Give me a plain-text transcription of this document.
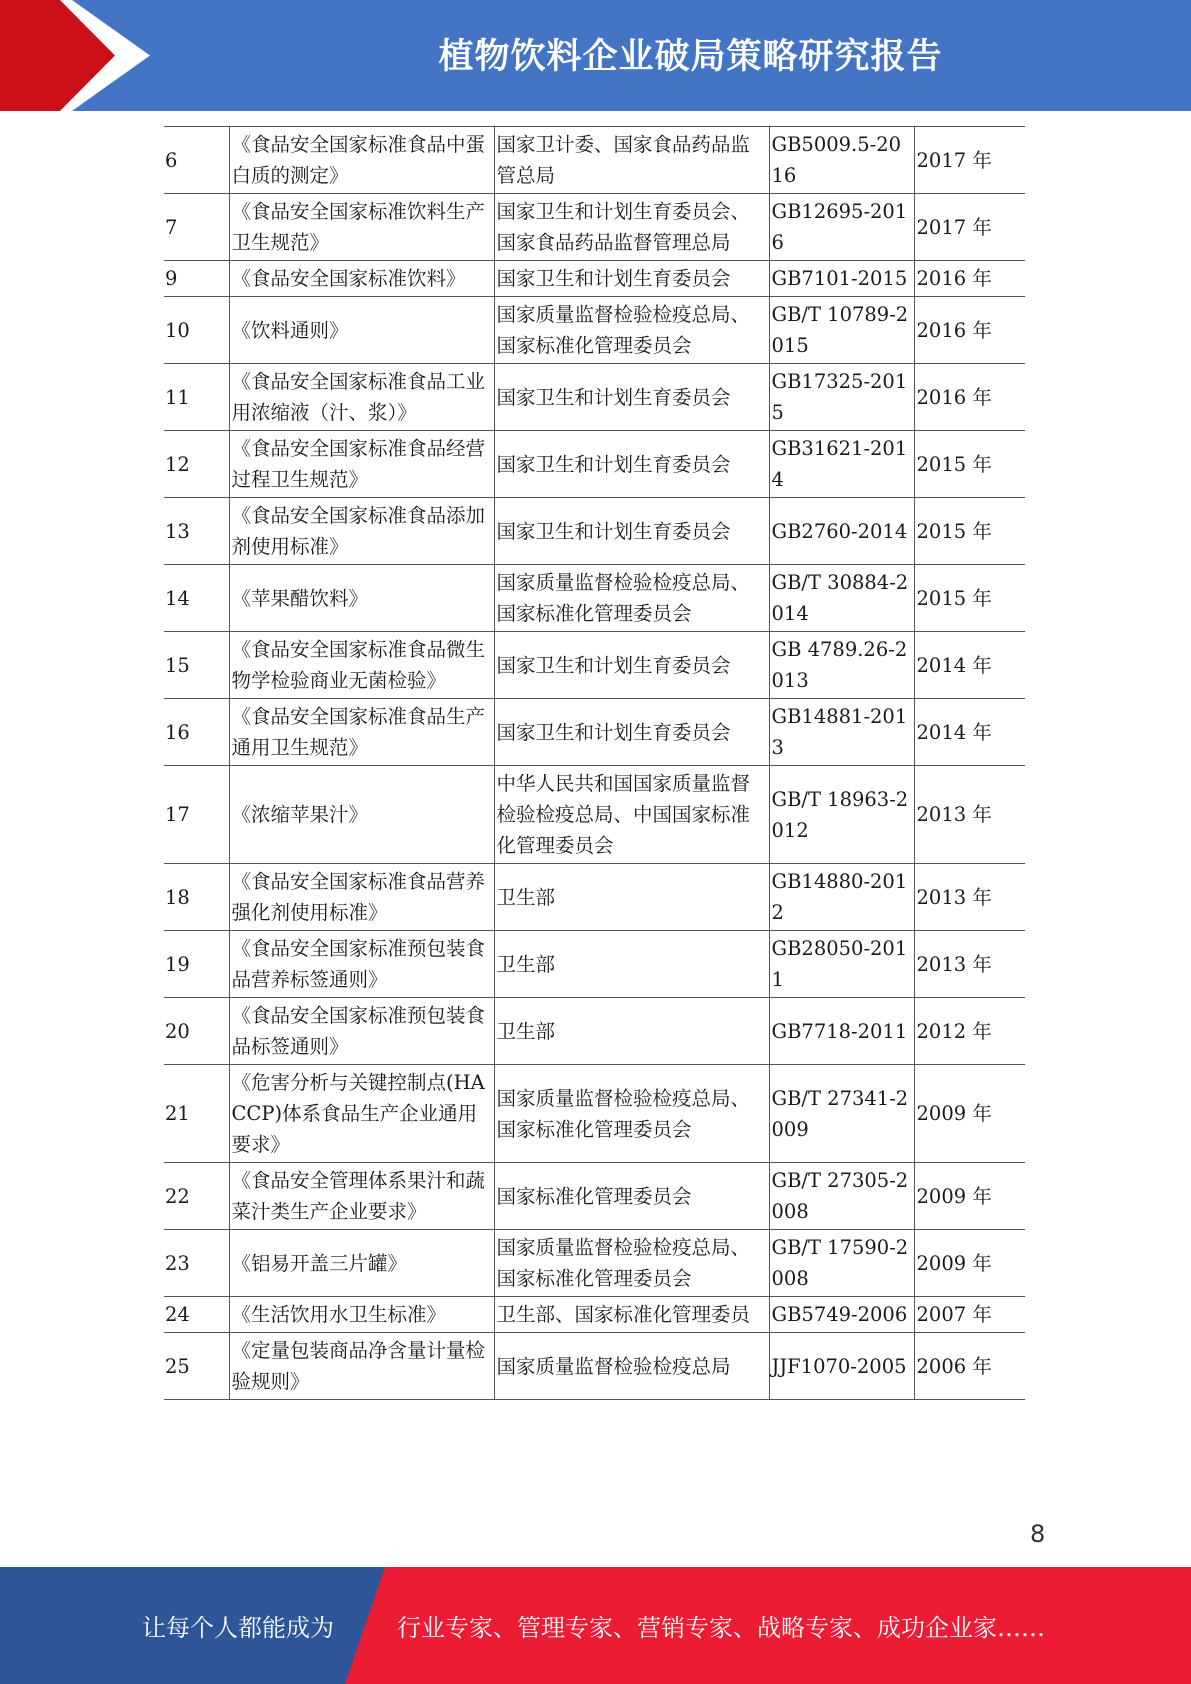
植物饮料企业破局策略研究报告
6	《食品安全国家标准食品中蛋白质的测定》	国家卫计委、国家食品药品监管总局	GB5009.5-2016	2017 年
7	《食品安全国家标准饮料生产卫生规范》	国家卫生和计划生育委员会、国家食品药品监督管理总局	GB12695-2016	2017 年
9	《食品安全国家标准饮料》	国家卫生和计划生育委员会	GB7101-2015	2016 年
10	《饮料通则》	国家质量监督检验检疫总局、国家标准化管理委员会	GB/T 10789-2015	2016 年
11	《食品安全国家标准食品工业用浓缩液（汁、浆）》	国家卫生和计划生育委员会	GB17325-2015	2016 年
12	《食品安全国家标准食品经营过程卫生规范》	国家卫生和计划生育委员会	GB31621-2014	2015 年
13	《食品安全国家标准食品添加剂使用标准》	国家卫生和计划生育委员会	GB2760-2014	2015 年
14	《苹果醋饮料》	国家质量监督检验检疫总局、国家标准化管理委员会	GB/T 30884-2014	2015 年
15	《食品安全国家标准食品微生物学检验商业无菌检验》	国家卫生和计划生育委员会	GB 4789.26-2013	2014 年
16	《食品安全国家标准食品生产通用卫生规范》	国家卫生和计划生育委员会	GB14881-2013	2014 年
17	《浓缩苹果汁》	中华人民共和国国家质量监督检验检疫总局、中国国家标准化管理委员会	GB/T 18963-2012	2013 年
18	《食品安全国家标准食品营养强化剂使用标准》	卫生部	GB14880-2012	2013 年
19	《食品安全国家标准预包装食品营养标签通则》	卫生部	GB28050-2011	2013 年
20	《食品安全国家标准预包装食品标签通则》	卫生部	GB7718-2011	2012 年
21	《危害分析与关键控制点(HACCP)体系食品生产企业通用要求》	国家质量监督检验检疫总局、国家标准化管理委员会	GB/T 27341-2009	2009 年
22	《食品安全管理体系果汁和蔬菜汁类生产企业要求》	国家标准化管理委员会	GB/T 27305-2008	2009 年
23	《铝易开盖三片罐》	国家质量监督检验检疫总局、国家标准化管理委员会	GB/T 17590-2008	2009 年
24	《生活饮用水卫生标准》	卫生部、国家标准化管理委员	GB5749-2006	2007 年
25	《定量包装商品净含量计量检验规则》	国家质量监督检验检疫总局	JJF1070-2005	2006 年
8
让每个人都能成为	行业专家、管理专家、营销专家、战略专家、成功企业家……
